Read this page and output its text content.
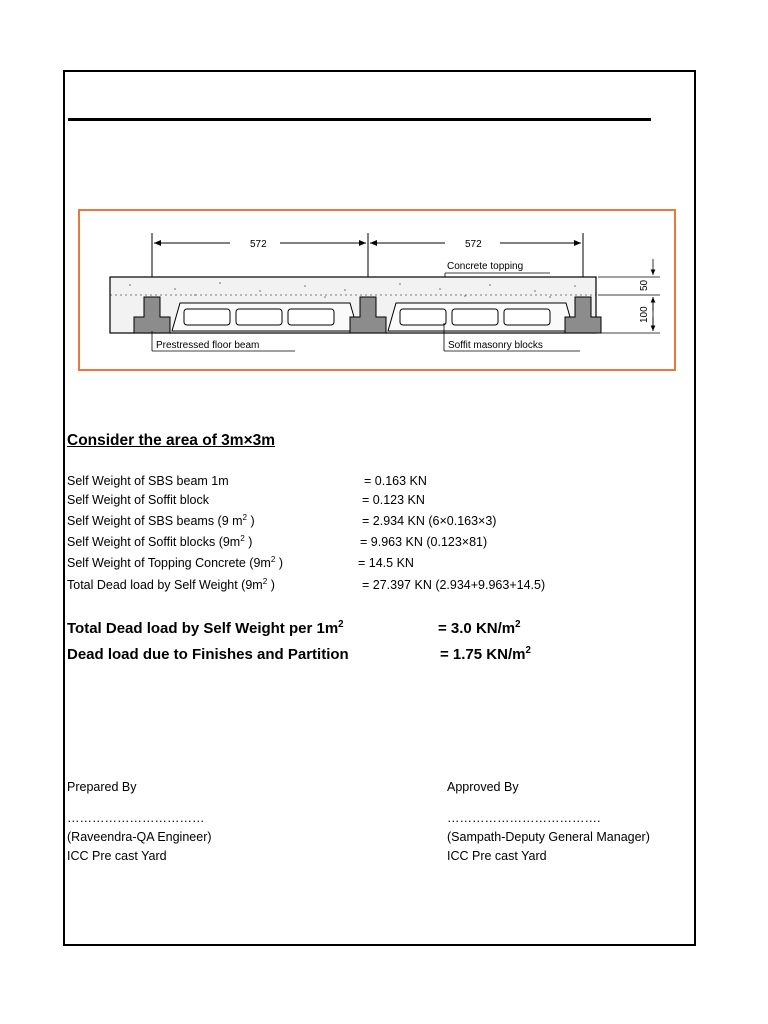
572	572
Concrete topping
Prestressed floor beam	Soffit masonry blocks
50
100
Consider the area of 3m×3m
Self Weight of SBS beam 1m	= 0.163 KN
Self Weight of Soffit block	= 0.123 KN
Self Weight of SBS beams (9 $m^2$ )	= 2.934 KN (6×0.163×3)
Self Weight of Soffit blocks ($9m^2$ )	= 9.963 KN (0.123×81)
Self Weight of Topping Concrete ($9m^2$ )	= 14.5 KN
Total Dead load by Self Weight ($9m^2$ )	= 27.397 KN (2.934+9.963+14.5)
Total Dead load by Self Weight per $1m^2$	= 3.0 $KN/m^2$
Dead load due to Finishes and Partition	= 1.75 $KN/m^2$
Prepared By
……………………………
(Raveendra-QA Engineer)
ICC Pre cast Yard
Approved By
……………………………….
(Sampath-Deputy General Manager)
ICC Pre cast Yard
